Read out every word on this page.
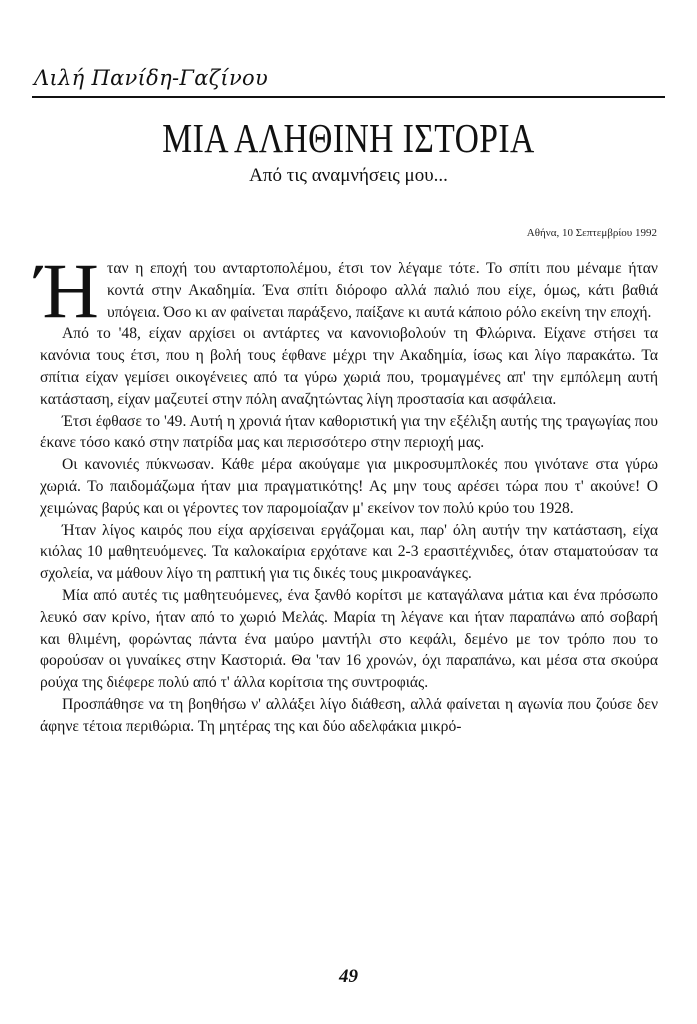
Λιλή Πανίδη-Γαζίνου
ΜΙΑ ΑΛΗΘΙΝΗ ΙΣΤΟΡΙΑ
Από τις αναμνήσεις μου...
Αθήνα, 10 Σεπτεμβρίου 1992

Ήταν η εποχή του ανταρτοπολέμου, έτσι τον λέγαμε τότε. Το σπίτι που μέναμε ήταν κοντά στην Ακαδημία. Ένα σπίτι διόροφο αλλά παλιό που είχε, όμως, κάτι βαθιά υπόγεια. Όσο κι αν φαίνεται παράξενο, παίξανε κι αυτά κάποιο ρόλο εκείνη την εποχή.

Από το '48, είχαν αρχίσει οι αντάρτες να κανονιοβολούν τη Φλώρινα. Είχανε στήσει τα κανόνια τους έτσι, που η βολή τους έφθανε μέχρι την Ακαδημία, ίσως και λίγο παρακάτω. Τα σπίτια είχαν γεμίσει οικογένειες από τα γύρω χωριά που, τρομαγμένες απ' την εμπόλεμη αυτή κατάσταση, είχαν μαζευτεί στην πόλη αναζητώντας λίγη προστασία και ασφάλεια.

Έτσι έφθασε το '49. Αυτή η χρονιά ήταν καθοριστική για την εξέλιξη αυτής της τραγωγίας που έκανε τόσο κακό στην πατρίδα μας και περισσότερο στην περιοχή μας.

Οι κανονιές πύκνωσαν. Κάθε μέρα ακούγαμε για μικροσυμπλοκές που γινότανε στα γύρω χωριά. Το παιδομάζωμα ήταν μια πραγματικότης! Ας μην τους αρέσει τώρα που τ' ακούνε! Ο χειμώνας βαρύς και οι γέροντες τον παρομοίαζαν μ' εκείνον τον πολύ κρύο του 1928.

Ήταν λίγος καιρός που είχα αρχίσειναι εργάζομαι και, παρ' όλη αυτήν την κατάσταση, είχα κιόλας 10 μαθητευόμενες. Τα καλοκαίρια ερχότανε και 2-3 ερασιτέχνιδες, όταν σταματούσαν τα σχολεία, να μάθουν λίγο τη ραπτική για τις δικές τους μικροανάγκες.

Μία από αυτές τις μαθητευόμενες, ένα ξανθό κορίτσι με καταγάλανα μάτια και ένα πρόσωπο λευκό σαν κρίνο, ήταν από το χωριό Μελάς. Μαρία τη λέγανε και ήταν παραπάνω από σοβαρή και θλιμένη, φορώντας πάντα ένα μαύρο μαντήλι στο κεφάλι, δεμένο με τον τρόπο που το φορούσαν οι γυναίκες στην Καστοριά. Θα 'ταν 16 χρονών, όχι παραπάνω, και μέσα στα σκούρα ρούχα της διέφερε πολύ από τ' άλλα κορίτσια της συντροφιάς.

Προσπάθησε να τη βοηθήσω ν' αλλάξει λίγο διάθεση, αλλά φαίνεται η αγωνία που ζούσε δεν άφηνε τέτοια περιθώρια. Τη μητέρας της και δύο αδελφάκια μικρό-

49
